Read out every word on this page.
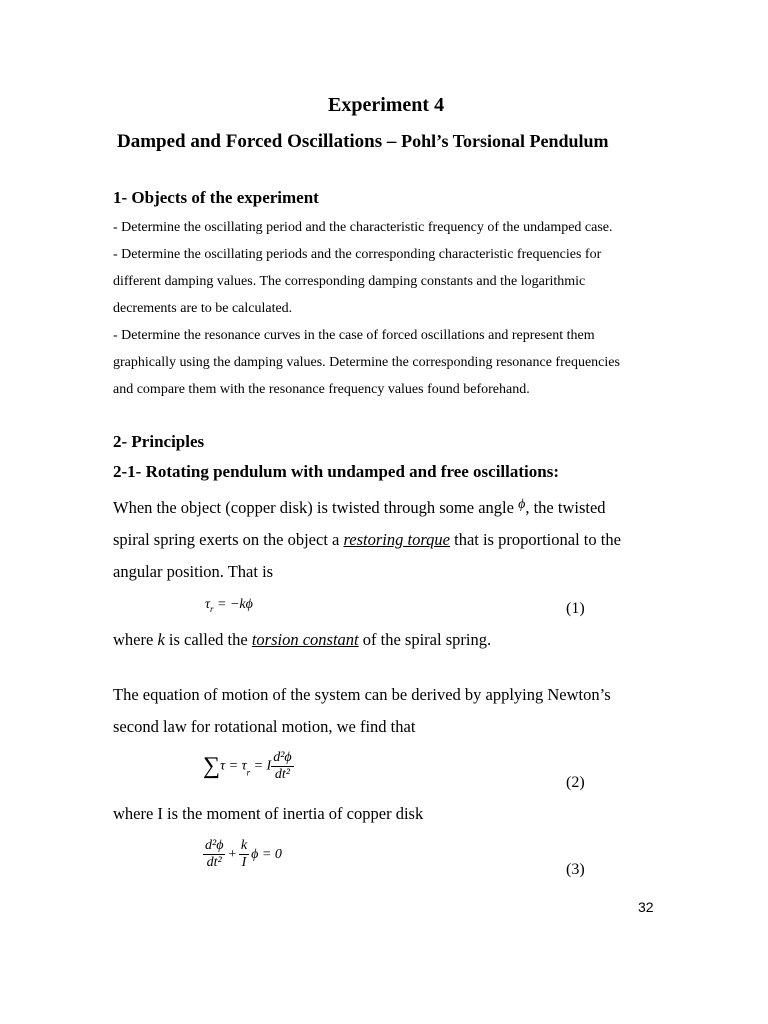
Experiment 4
Damped and Forced Oscillations – Pohl’s Torsional Pendulum
1- Objects of the experiment
- Determine the oscillating period and the characteristic frequency of the undamped case.
- Determine the oscillating periods and the corresponding characteristic frequencies for
different damping values. The corresponding damping constants and the logarithmic
decrements are to be calculated.
- Determine the resonance curves in the case of forced oscillations and represent them
graphically using the damping values. Determine the corresponding resonance frequencies
and compare them with the resonance frequency values found beforehand.
2- Principles
2-1- Rotating pendulum with undamped and free oscillations:
When the object (copper disk) is twisted through some angle $^\phi$, the twisted
spiral spring exerts on the object a restoring torque that is proportional to the
angular position. That is
$\tau_r = -k\phi$	(1)
where k is called the torsion constant of the spiral spring.
The equation of motion of the system can be derived by applying Newton’s
second law for rotational motion, we find that
$\sum\tau = \tau_r = I \frac{\text{d²ϕ}}{\text{dt²}}$	(2)
where I is the moment of inertia of copper disk
$\frac{\text{d²ϕ}}{\text{dt²}} + \frac{k}{I}$ ϕ = 0
(3)
32
